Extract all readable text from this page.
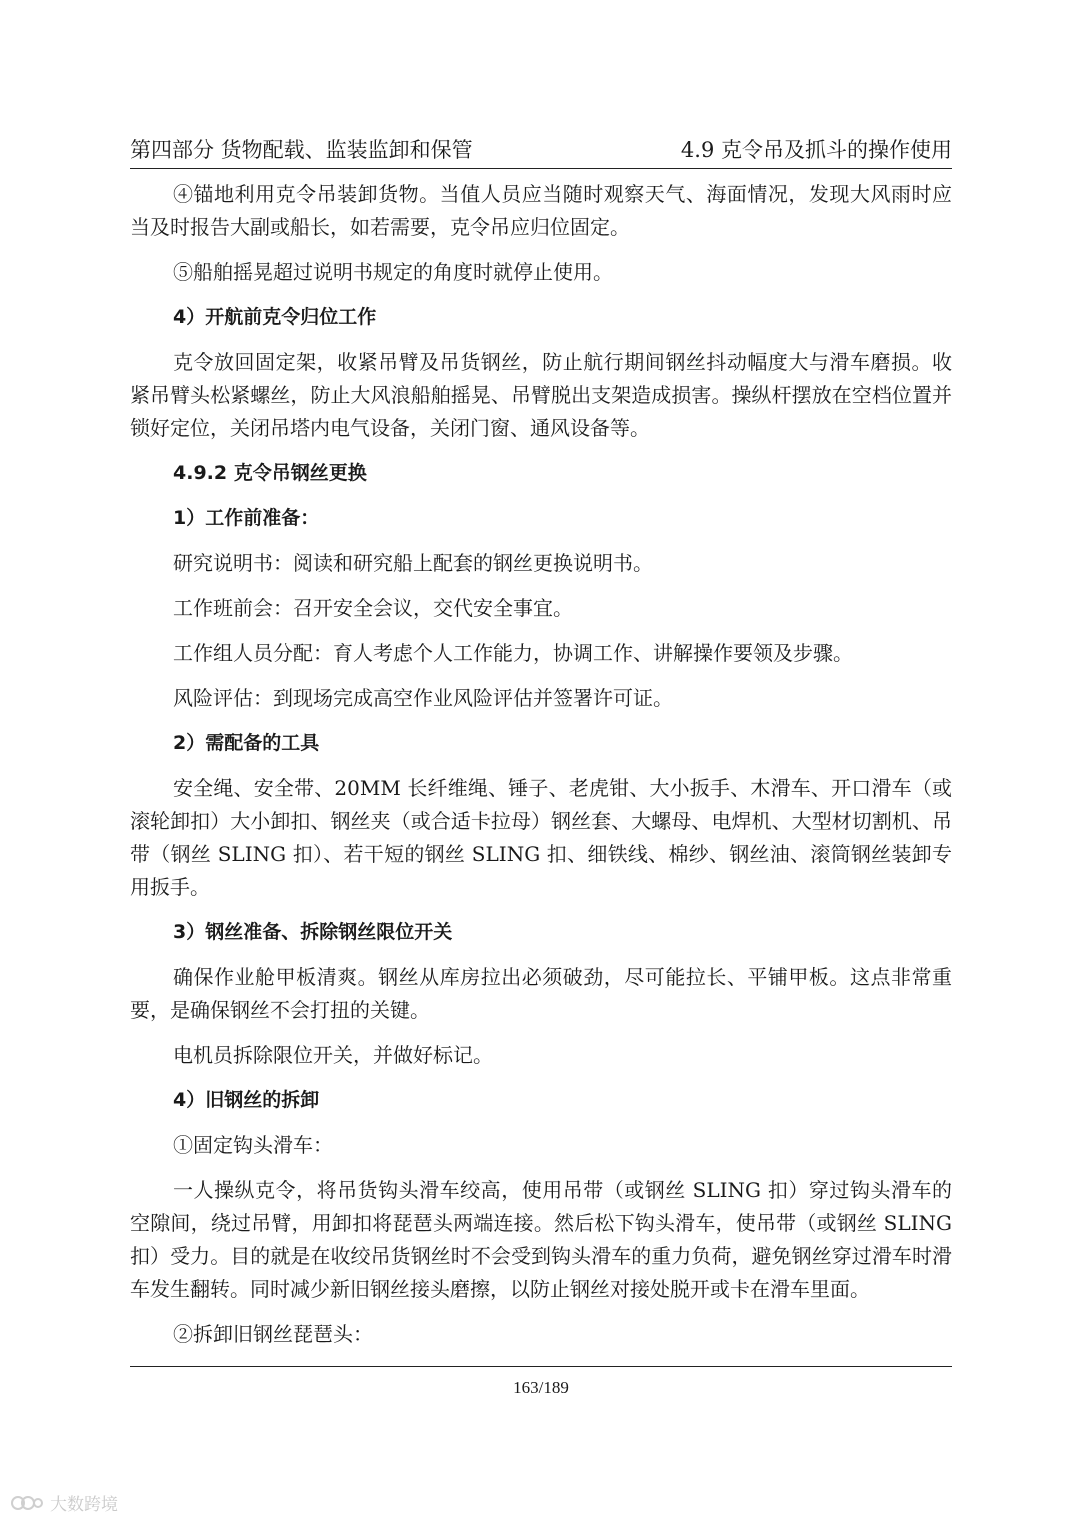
第四部分 货物配载、监装监卸和保管	4.9 克令吊及抓斗的操作使用

④锚地利用克令吊装卸货物。当值人员应当随时观察天气、海面情况，发现大风雨时应当及时报告大副或船长，如若需要，克令吊应归位固定。

⑤船舶摇晃超过说明书规定的角度时就停止使用。

4）开航前克令归位工作

克令放回固定架，收紧吊臂及吊货钢丝，防止航行期间钢丝抖动幅度大与滑车磨损。收紧吊臂头松紧螺丝，防止大风浪船舶摇晃、吊臂脱出支架造成损害。操纵杆摆放在空档位置并锁好定位，关闭吊塔内电气设备，关闭门窗、通风设备等。

4.9.2 克令吊钢丝更换

1）工作前准备：

研究说明书：阅读和研究船上配套的钢丝更换说明书。

工作班前会：召开安全会议，交代安全事宜。

工作组人员分配：育人考虑个人工作能力，协调工作、讲解操作要领及步骤。

风险评估：到现场完成高空作业风险评估并签署许可证。

2）需配备的工具

安全绳、安全带、20MM 长纤维绳、锤子、老虎钳、大小扳手、木滑车、开口滑车（或滚轮卸扣）大小卸扣、钢丝夹（或合适卡拉母）钢丝套、大螺母、电焊机、大型材切割机、吊带（钢丝 SLING 扣）、若干短的钢丝 SLING 扣、细铁线、棉纱、钢丝油、滚筒钢丝装卸专用扳手。

3）钢丝准备、拆除钢丝限位开关

确保作业舱甲板清爽。钢丝从库房拉出必须破劲，尽可能拉长、平铺甲板。这点非常重要，是确保钢丝不会打扭的关键。

电机员拆除限位开关，并做好标记。

4）旧钢丝的拆卸

①固定钩头滑车：

一人操纵克令，将吊货钩头滑车绞高，使用吊带（或钢丝 SLING 扣）穿过钩头滑车的空隙间，绕过吊臂，用卸扣将琵琶头两端连接。然后松下钩头滑车，使吊带（或钢丝 SLING 扣）受力。目的就是在收绞吊货钢丝时不会受到钩头滑车的重力负荷，避免钢丝穿过滑车时滑车发生翻转。同时减少新旧钢丝接头磨擦，以防止钢丝对接处脱开或卡在滑车里面。

②拆卸旧钢丝琵琶头：

163/189
大数跨境
